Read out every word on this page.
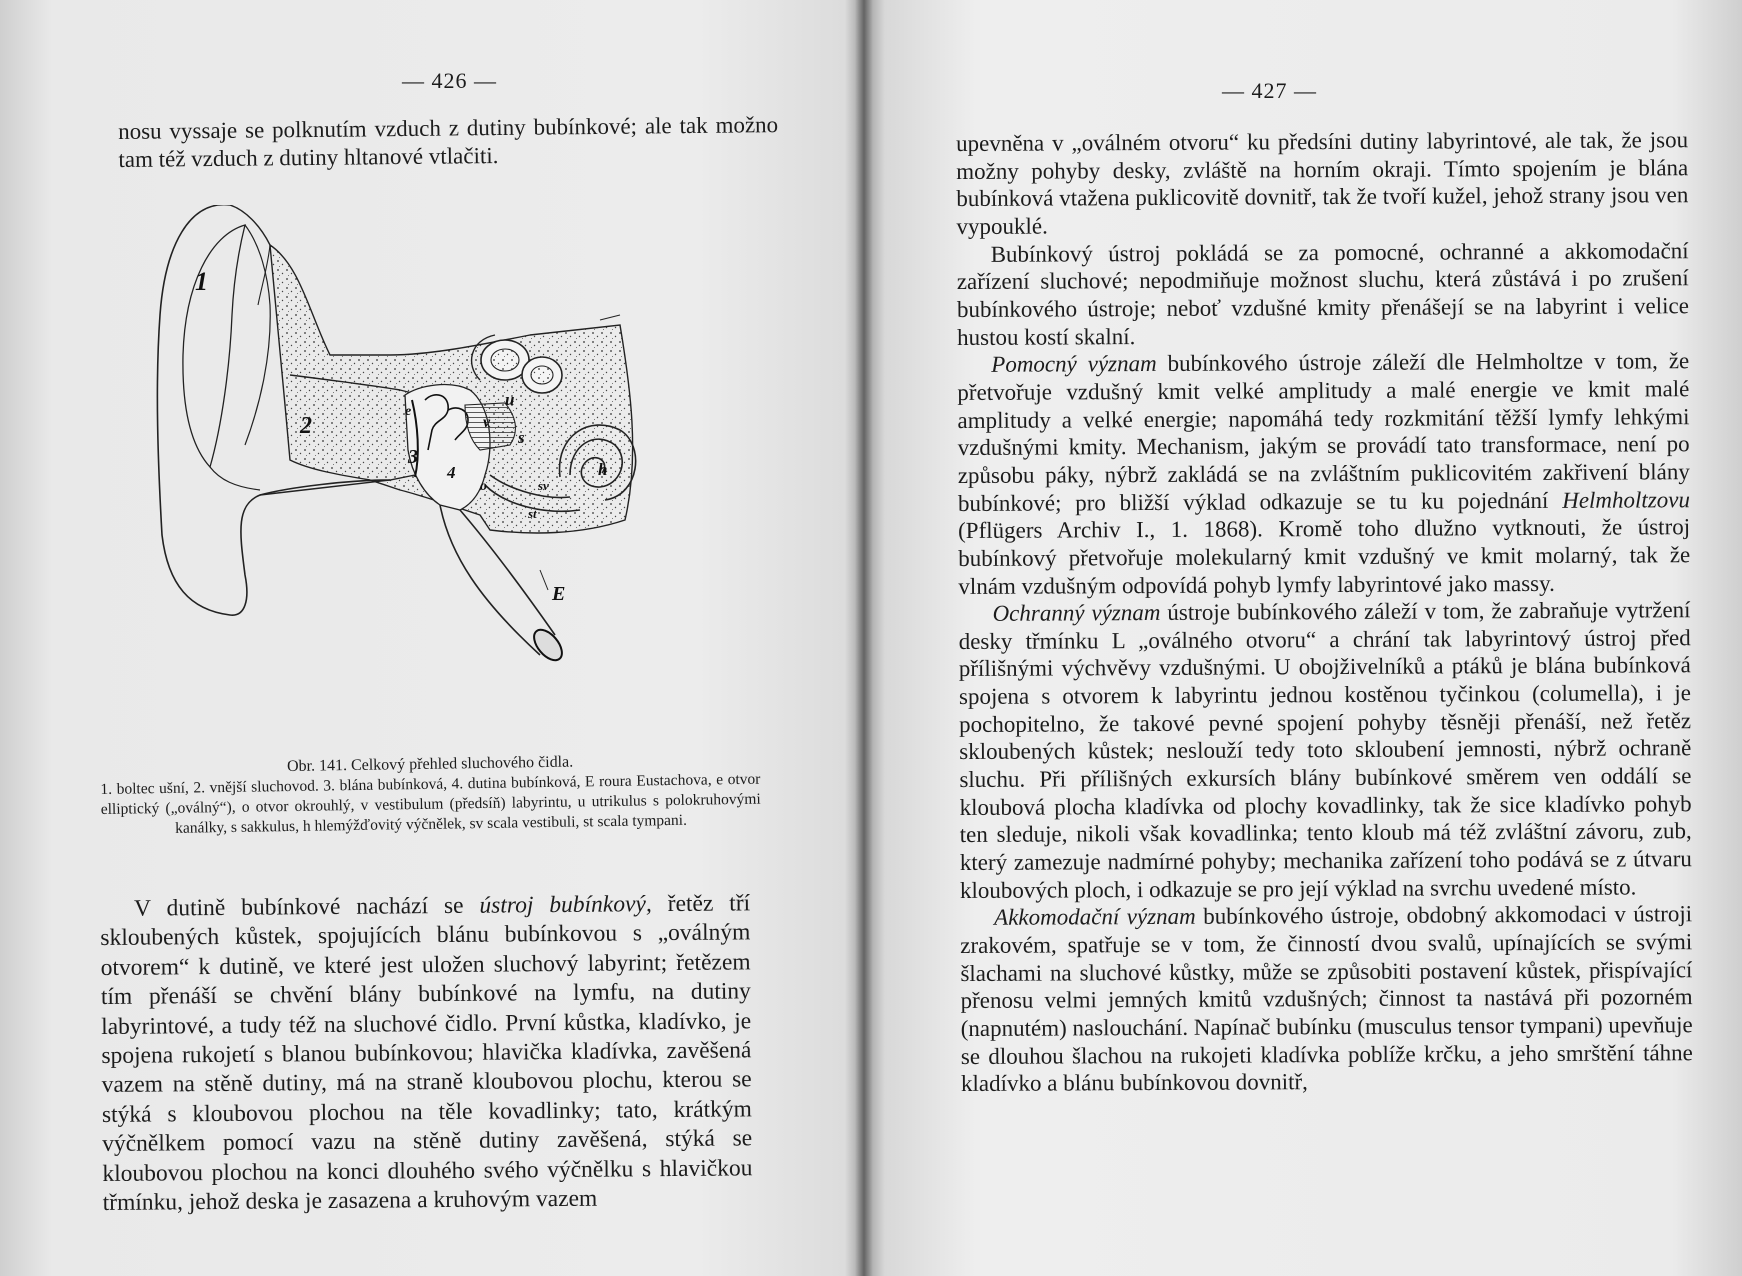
— 426 —

nosu vyssaje se polknutím vzduch z dutiny bubínkové; ale tak možno tam též vzduch z dutiny hltanové vtlačiti.

1
2
3
4
u
v
s
e
o
h
sv
st
E
Obr. 141. Celkový přehled sluchového čidla.
1. boltec ušní, 2. vnější sluchovod. 3. blána bubínková, 4. dutina bubínková, E roura Eustachova, e otvor elliptický („oválný“), o otvor okrouhlý, v vestibulum (předsíň) labyrintu, u utrikulus s polokruhovými kanálky, s sakkulus, h hlemýžďovitý výčnělek, sv scala vestibuli, st scala tympani.

V dutině bubínkové nachází se ústroj bubínkový, řetěz tří skloubených kůstek, spojujících blánu bubínkovou s „oválným otvorem“ k dutině, ve které jest uložen sluchový labyrint; řetězem tím přenáší se chvění blány bubínkové na lymfu, na dutiny labyrintové, a tudy též na sluchové čidlo. První kůstka, kladívko, je spojena rukojetí s blanou bubínkovou; hlavička kladívka, zavěšená vazem na stěně dutiny, má na straně kloubovou plochu, kterou se stýká s kloubovou plochou na těle kovadlinky; tato, krátkým výčnělkem pomocí vazu na stěně dutiny zavěšená, stýká se kloubovou plochou na konci dlouhého svého výčnělku s hlavičkou třmínku, jehož deska je zasazena a kruhovým vazem

— 427 —

upevněna v „oválném otvoru“ ku předsíni dutiny labyrintové, ale tak, že jsou možny pohyby desky, zvláště na horním okraji. Tímto spojením je blána bubínková vtažena puklicovitě dovnitř, tak že tvoří kužel, jehož strany jsou ven vypouklé.

Bubínkový ústroj pokládá se za pomocné, ochranné a akkomodační zařízení sluchové; nepodmiňuje možnost sluchu, která zůstává i po zrušení bubínkového ústroje; neboť vzdušné kmity přenášejí se na labyrint i velice hustou kostí skalní.

Pomocný význam bubínkového ústroje záleží dle Helmholtze v tom, že přetvořuje vzdušný kmit velké amplitudy a malé energie ve kmit malé amplitudy a velké energie; napomáhá tedy rozkmitání těžší lymfy lehkými vzdušnými kmity. Mechanism, jakým se provádí tato transformace, není po způsobu páky, nýbrž zakládá se na zvláštním puklicovitém zakřivení blány bubínkové; pro bližší výklad odkazuje se tu ku pojednání Helmholtzovu (Pflügers Archiv I., 1. 1868). Kromě toho dlužno vytknouti, že ústroj bubínkový přetvořuje molekularný kmit vzdušný ve kmit molarný, tak že vlnám vzdušným odpovídá pohyb lymfy labyrintové jako massy.

Ochranný význam ústroje bubínkového záleží v tom, že zabraňuje vytržení desky třmínku L „oválného otvoru“ a chrání tak labyrintový ústroj před přílišnými výchvěvy vzdušnými. U obojživelníků a ptáků je blána bubínková spojena s otvorem k labyrintu jednou kostěnou tyčinkou (columella), i je pochopitelno, že takové pevné spojení pohyby těsněji přenáší, než řetěz skloubených kůstek; neslouží tedy toto skloubení jemnosti, nýbrž ochraně sluchu. Při přílišných exkursích blány bubínkové směrem ven oddálí se kloubová plocha kladívka od plochy kovadlinky, tak že sice kladívko pohyb ten sleduje, nikoli však kovadlinka; tento kloub má též zvláštní závoru, zub, který zamezuje nadmírné pohyby; mechanika zařízení toho podává se z útvaru kloubových ploch, i odkazuje se pro její výklad na svrchu uvedené místo.

Akkomodační význam bubínkového ústroje, obdobný akkomodaci v ústroji zrakovém, spatřuje se v tom, že činností dvou svalů, upínajících se svými šlachami na sluchové kůstky, může se způsobiti postavení kůstek, přispívající přenosu velmi jemných kmitů vzdušných; činnost ta nastává při pozorném (napnutém) naslouchání. Napínač bubínku (musculus tensor tympani) upevňuje se dlouhou šlachou na rukojeti kladívka poblíže krčku, a jeho smrštění táhne kladívko a blánu bubínkovou dovnitř,
